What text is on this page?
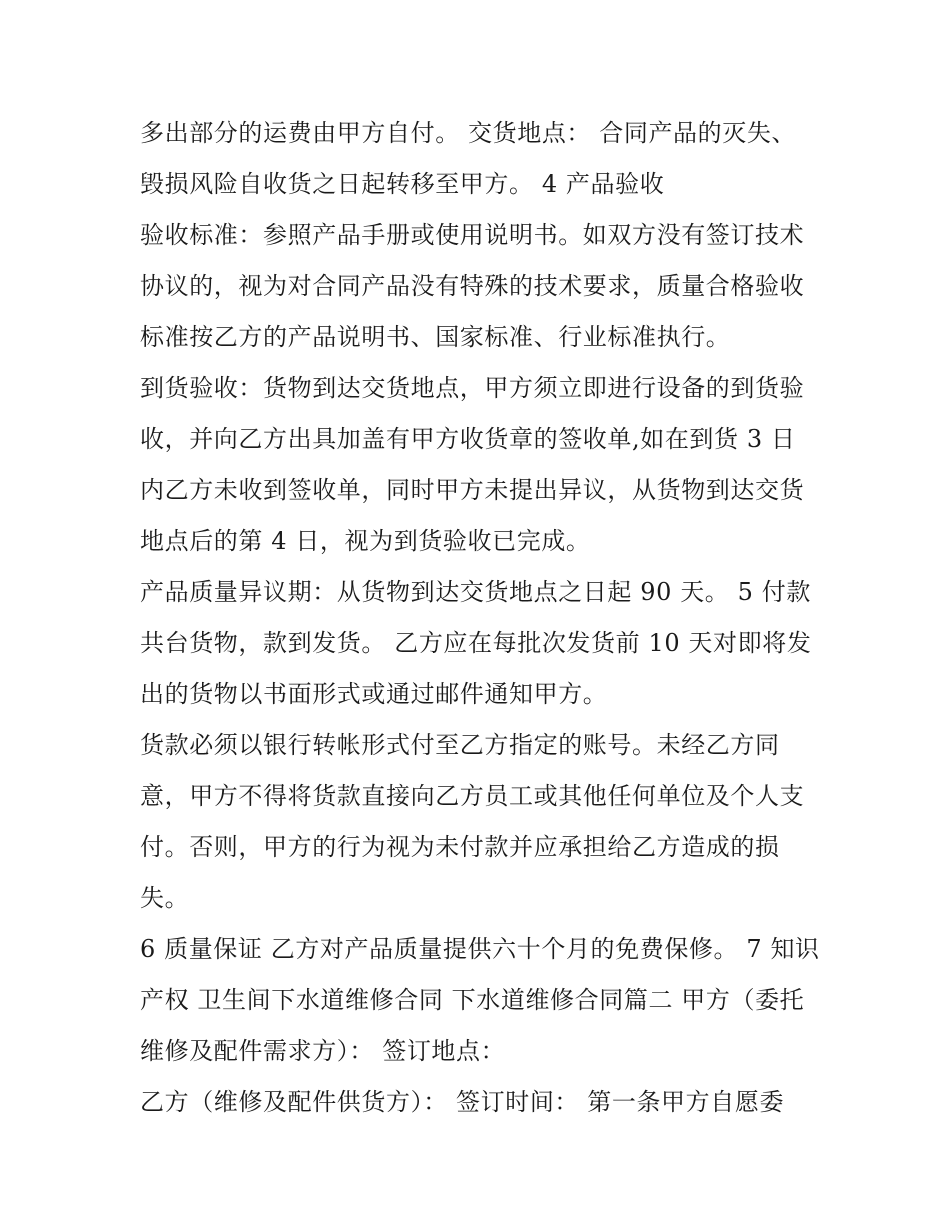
多出部分的运费由甲方自付。 交货地点： 合同产品的灭失、
毁损风险自收货之日起转移至甲方。 4 产品验收
验收标准：参照产品手册或使用说明书。如双方没有签订技术
协议的，视为对合同产品没有特殊的技术要求，质量合格验收
标准按乙方的产品说明书、国家标准、行业标准执行。
到货验收：货物到达交货地点，甲方须立即进行设备的到货验
收，并向乙方出具加盖有甲方收货章的签收单,如在到货 3 日
内乙方未收到签收单，同时甲方未提出异议，从货物到达交货
地点后的第 4 日，视为到货验收已完成。
产品质量异议期：从货物到达交货地点之日起 90 天。 5 付款
共台货物，款到发货。 乙方应在每批次发货前 10 天对即将发
出的货物以书面形式或通过邮件通知甲方。
货款必须以银行转帐形式付至乙方指定的账号。未经乙方同
意，甲方不得将货款直接向乙方员工或其他任何单位及个人支
付。否则，甲方的行为视为未付款并应承担给乙方造成的损
失。
6 质量保证 乙方对产品质量提供六十个月的免费保修。 7 知识
产权 卫生间下水道维修合同 下水道维修合同篇二 甲方（委托
维修及配件需求方）： 签订地点：
乙方（维修及配件供货方）： 签订时间： 第一条甲方自愿委
